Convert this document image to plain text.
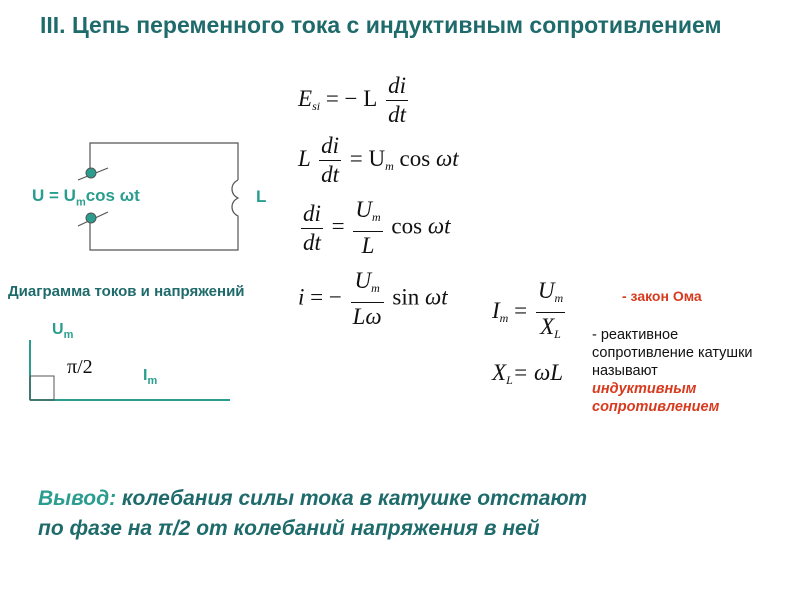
III. Цепь переменного тока с индуктивным сопротивлением
$U = U_m\cos$ ωt	L
$E_{si}$ = − L $\frac{di}{dt}$
L $\frac{di}{dt} = U_m$ cos ωt
$\frac{di}{dt} = \frac{U_m}{L}$ cos ωt
i = − $\frac{U_m}{L\omega}$ sin ωt
$I_m = \frac{U_m}{X_L}$
$X_L= \omega L$
Диаграмма токов и напряжений
$U_m$
π/2	$I_m$
- закон Ома
- реактивное
сопротивление катушки
называют
индуктивным
сопротивлением
Вывод: колебания силы тока в катушке отстают
по фазе на π/2 от колебаний напряжения в ней
